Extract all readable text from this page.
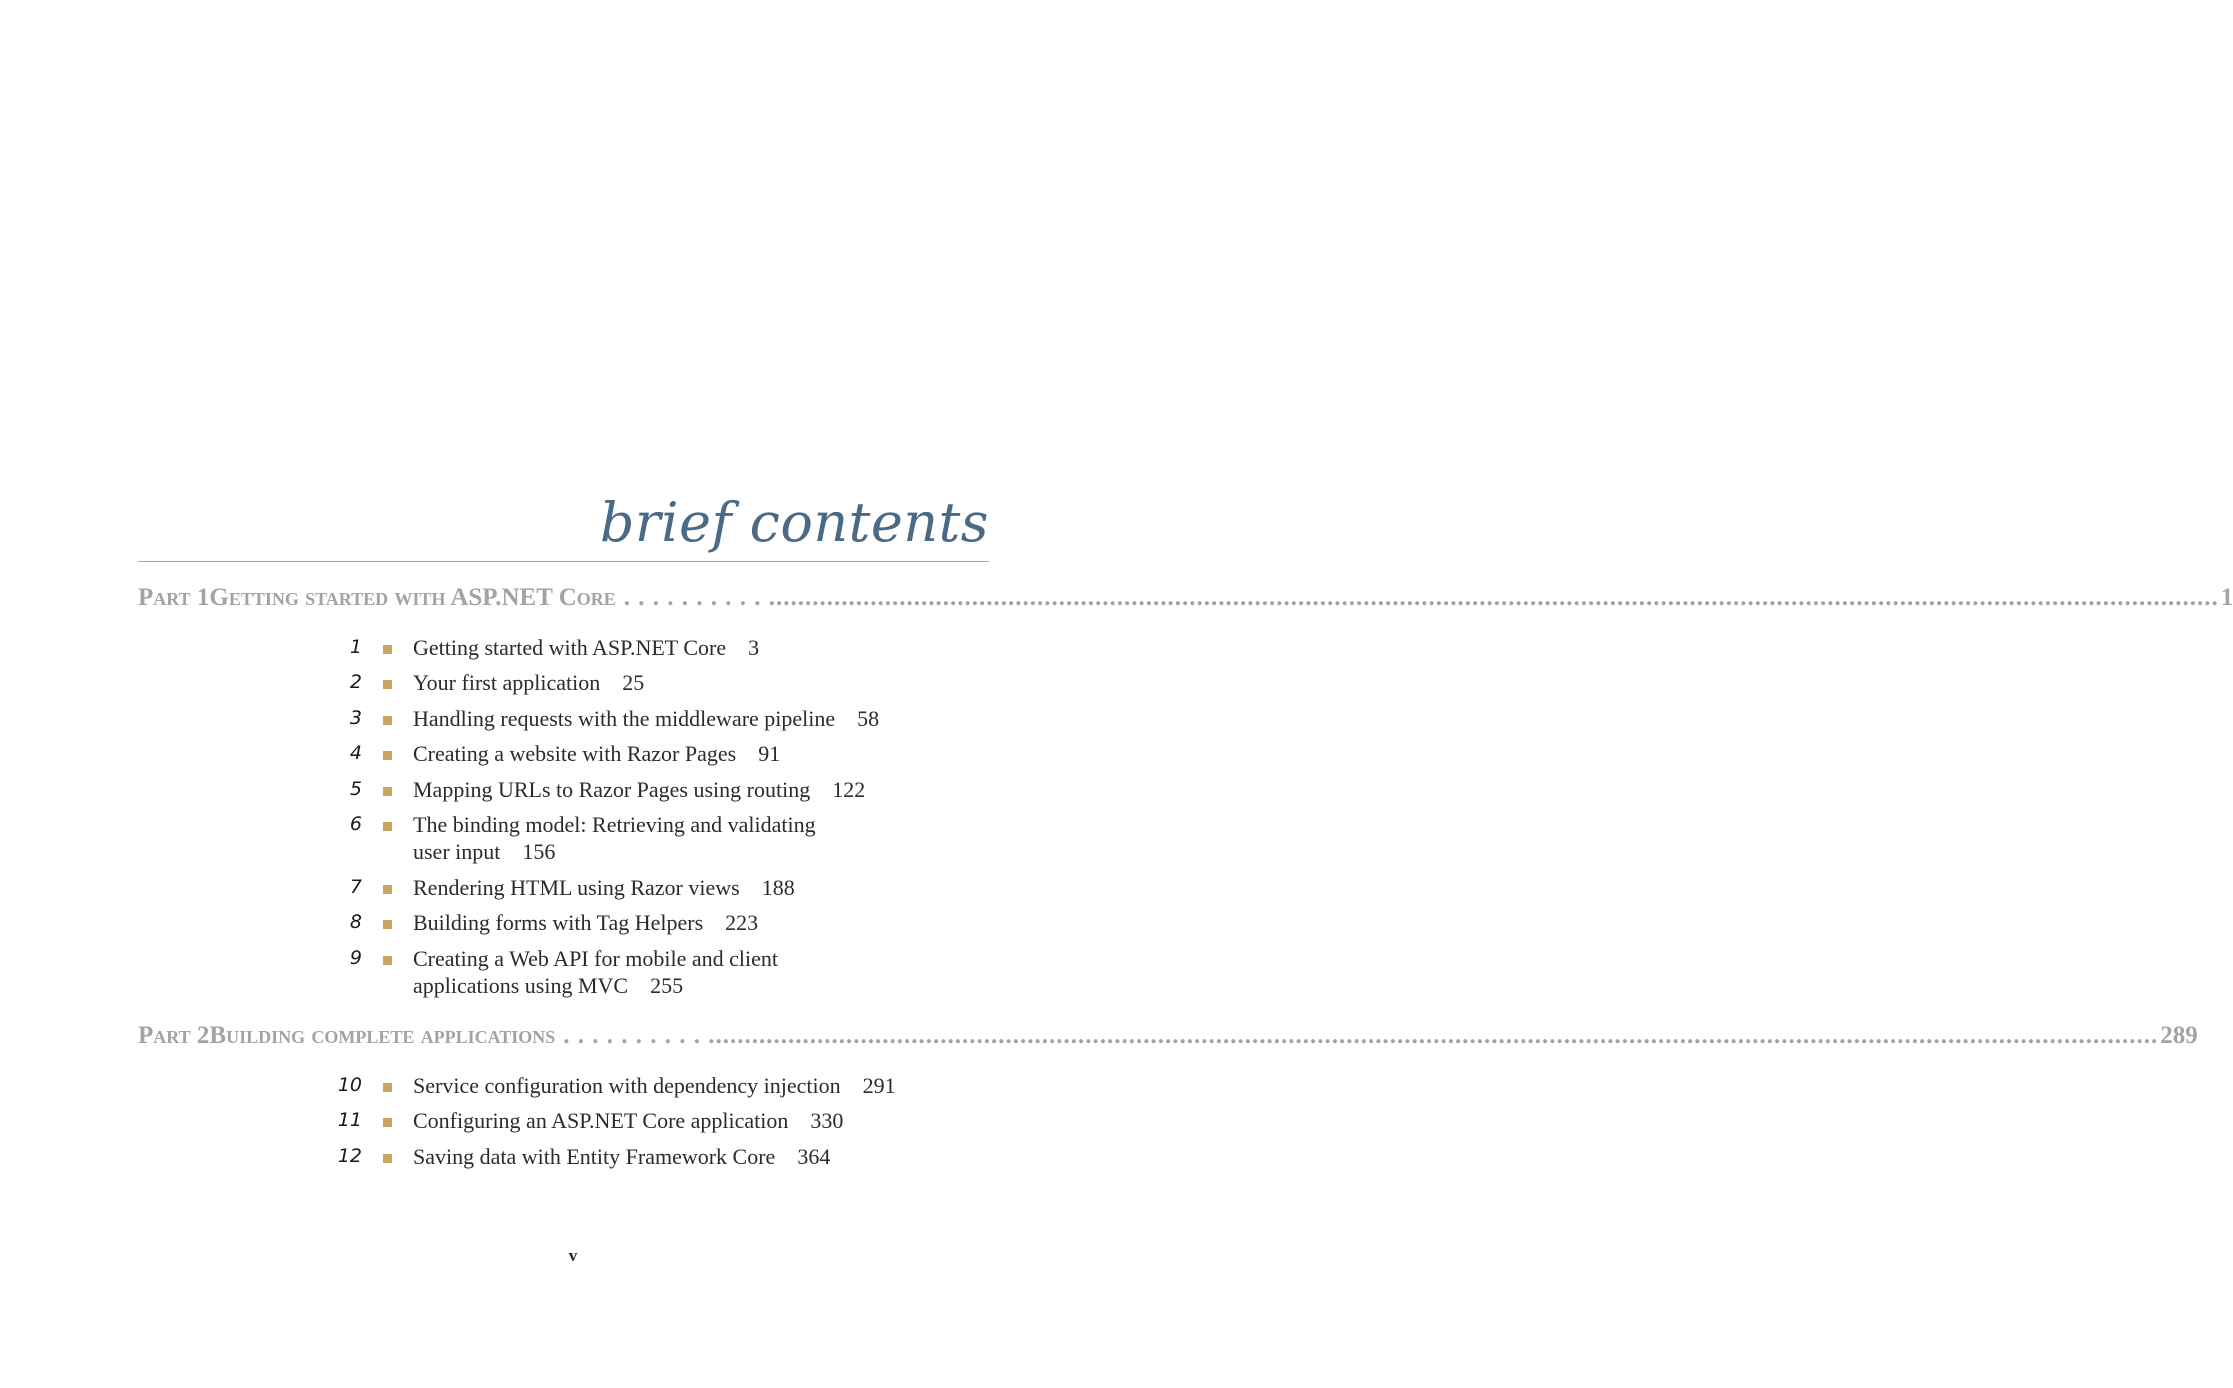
brief contents
Part 1 Getting started with ASP.NET Core . . . . . . . . . . ........................................................................................................................................................................................................ 1
1 Getting started with ASP.NET Core 3
2 Your first application 25
3 Handling requests with the middleware pipeline 58
4 Creating a website with Razor Pages 91
5 Mapping URLs to Razor Pages using routing 122
6 The binding model: Retrieving and validating
user input 156
7 Rendering HTML using Razor views 188
8 Building forms with Tag Helpers 223
9 Creating a Web API for mobile and client
applications using MVC 255
Part 2 Building complete applications . . . . . . . . . . ........................................................................................................................................................................................................ 289
10 Service configuration with dependency injection 291
11 Configuring an ASP.NET Core application 330
12 Saving data with Entity Framework Core 364
v
